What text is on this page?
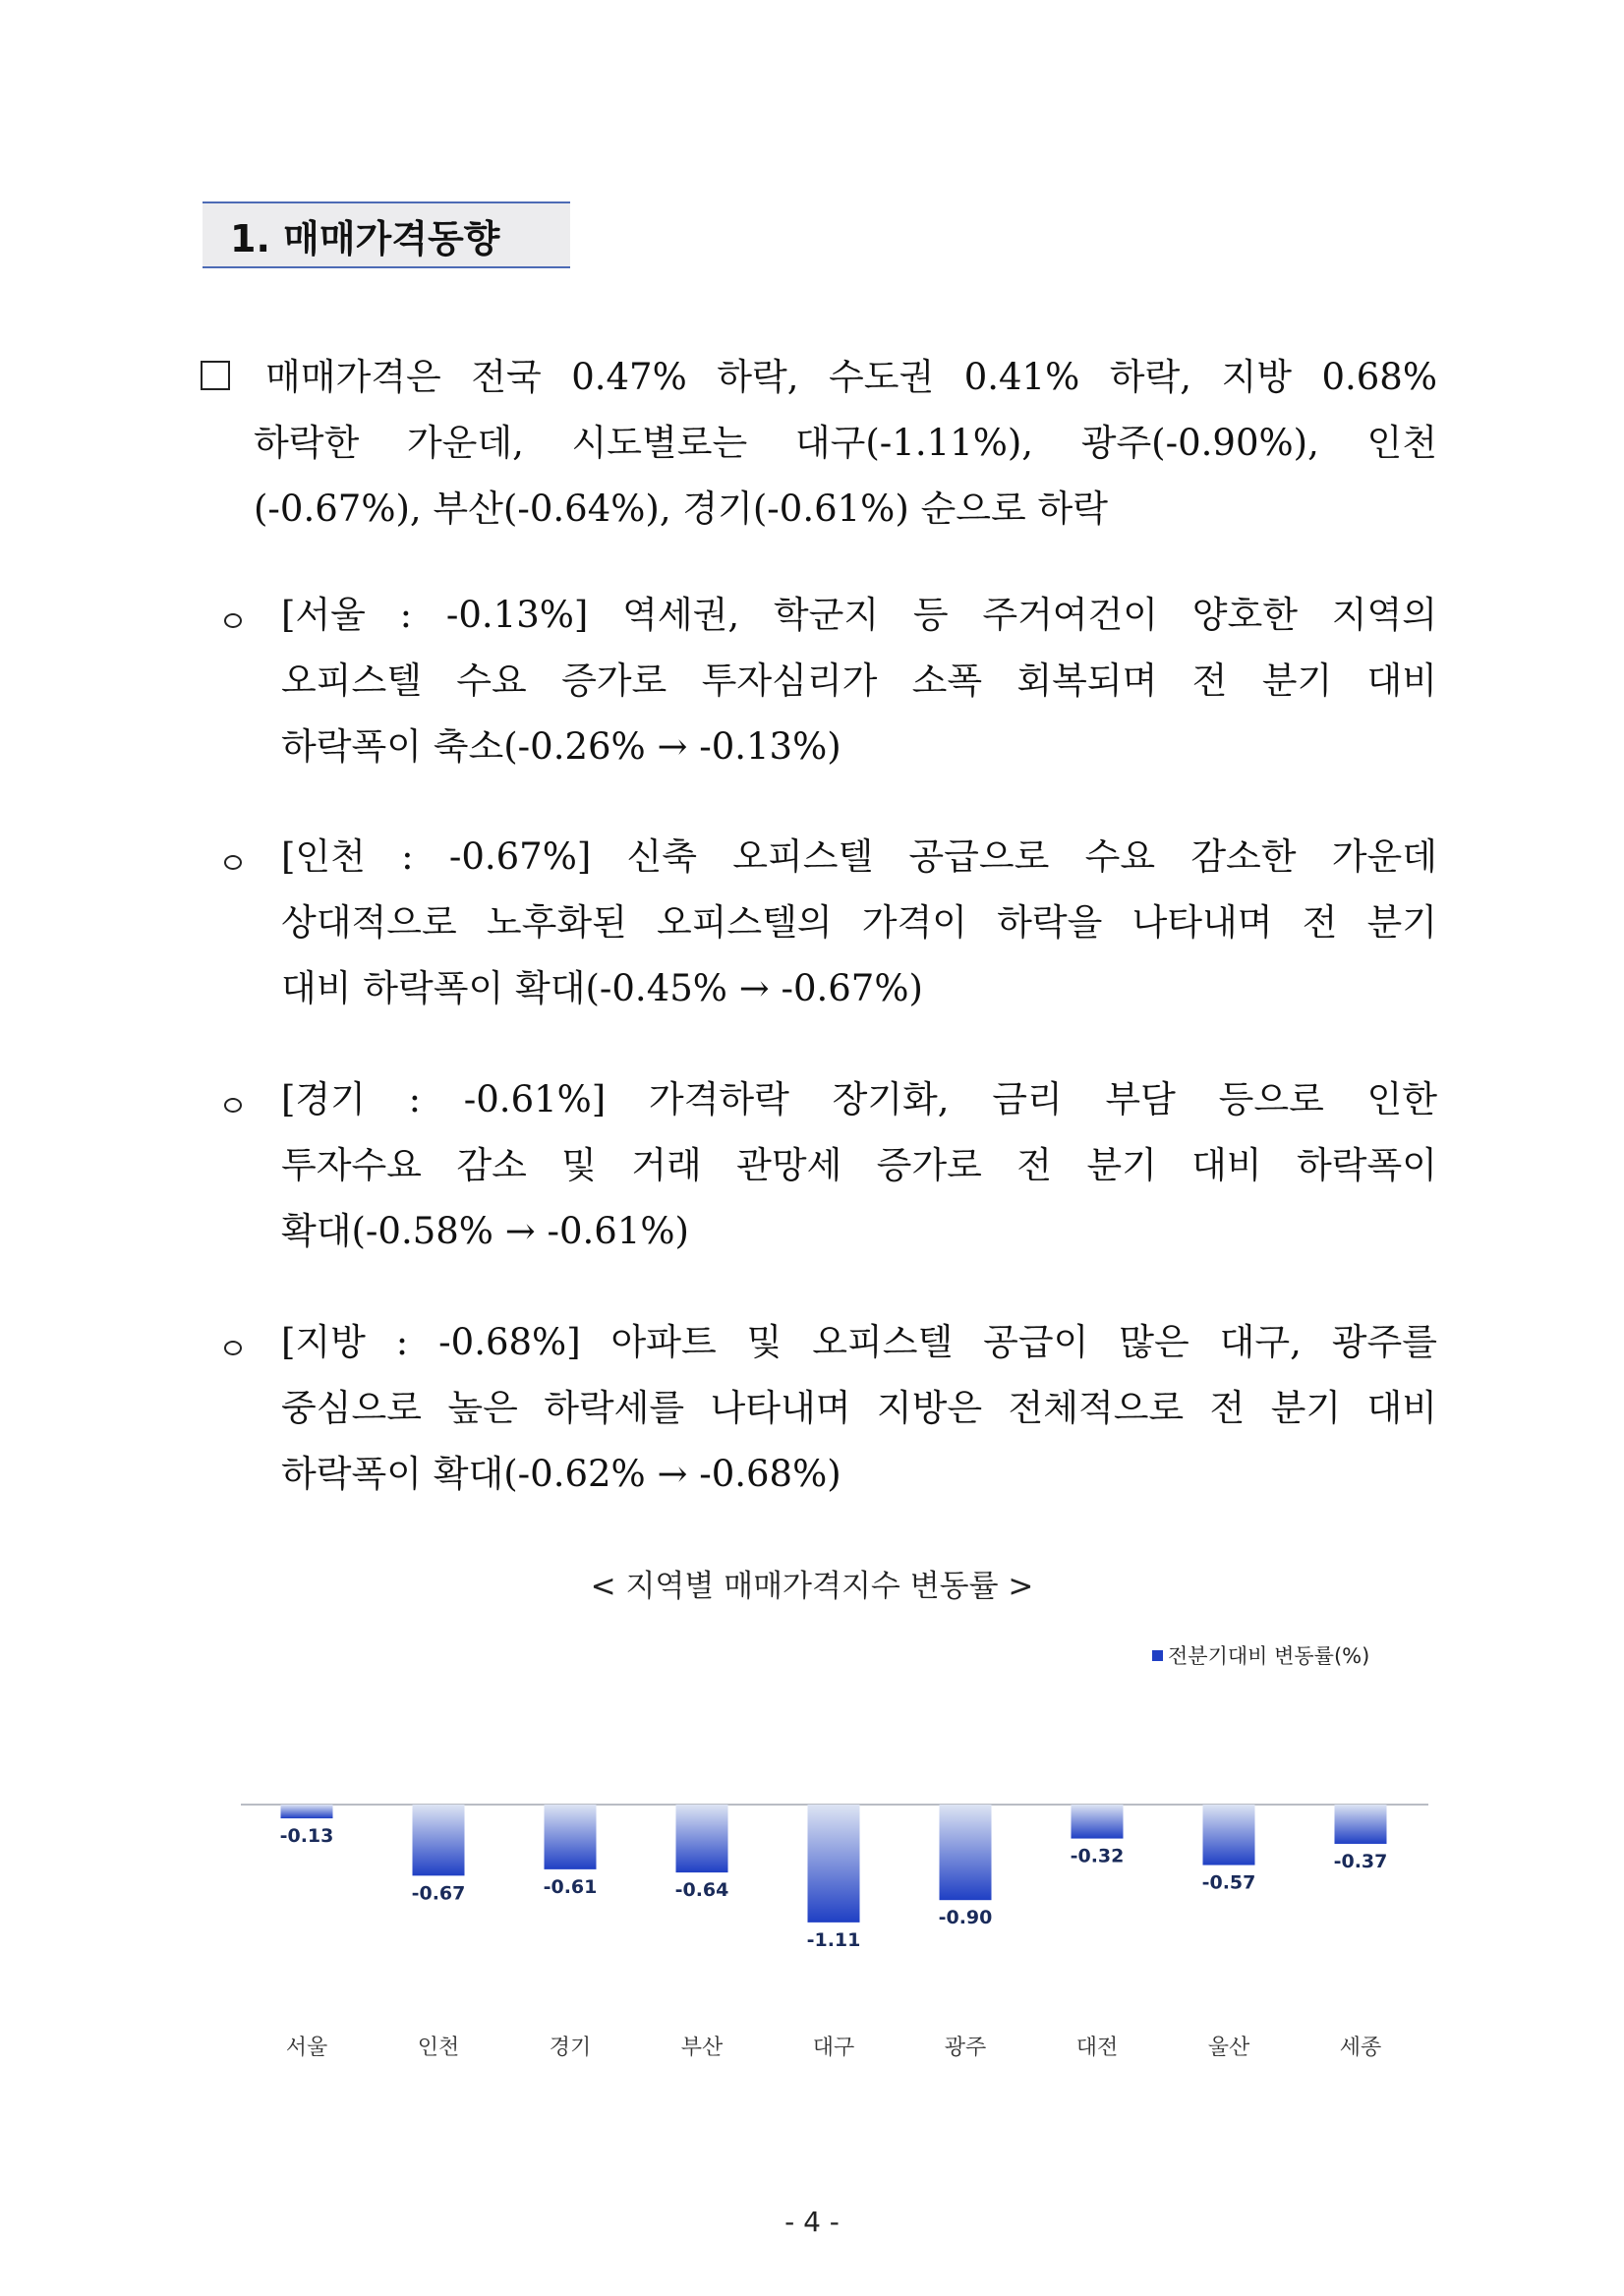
1. 매매가격동향

매매가격은 전국 0.47% 하락, 수도권 0.41% 하락, 지방 0.68%
하락한 가운데, 시도별로는 대구(-1.11%), 광주(-0.90%), 인천
(-0.67%), 부산(-0.64%), 경기(-0.61%) 순으로 하락

[서울 : -0.13%] 역세권, 학군지 등 주거여건이 양호한 지역의
오피스텔 수요 증가로 투자심리가 소폭 회복되며 전 분기 대비
하락폭이 축소(-0.26% → -0.13%)

[인천 : -0.67%] 신축 오피스텔 공급으로 수요 감소한 가운데
상대적으로 노후화된 오피스텔의 가격이 하락을 나타내며 전 분기
대비 하락폭이 확대(-0.45% → -0.67%)

[경기 : -0.61%] 가격하락 장기화, 금리 부담 등으로 인한
투자수요 감소 및 거래 관망세 증가로 전 분기 대비 하락폭이
확대(-0.58% → -0.61%)

[지방 : -0.68%] 아파트 및 오피스텔 공급이 많은 대구, 광주를
중심으로 높은 하락세를 나타내며 지방은 전체적으로 전 분기 대비
하락폭이 확대(-0.62% → -0.68%)

< 지역별 매매가격지수 변동률 >
전분기대비 변동률(%)
-0.13
-0.67	-0.61	-0.64
-1.11
-0.90
-0.32
-0.57
-0.37
서울	인천	경기	부산	대구	광주	대전	울산	세종
- 4 -
